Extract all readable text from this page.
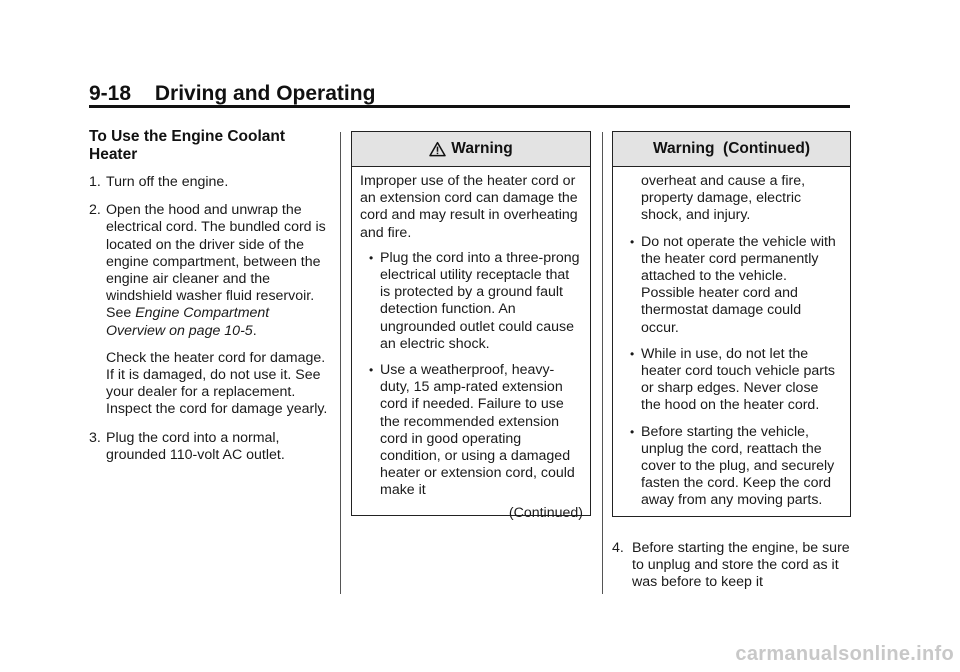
9-18 Driving and Operating
To Use the Engine Coolant Heater
1. Turn off the engine.
2. Open the hood and unwrap the electrical cord. The bundled cord is located on the driver side of the engine compartment, between the engine air cleaner and the windshield washer fluid reservoir. See Engine Compartment Overview on page 10-5.

Check the heater cord for damage. If it is damaged, do not use it. See your dealer for a replacement. Inspect the cord for damage yearly.

3. Plug the cord into a normal, grounded 110-volt AC outlet.
Warning

Improper use of the heater cord or an extension cord can damage the cord and may result in overheating and fire.

• Plug the cord into a three-prong electrical utility receptacle that is protected by a ground fault detection function. An ungrounded outlet could cause an electric shock.
• Use a weatherproof, heavy-duty, 15 amp-rated extension cord if needed. Failure to use the recommended extension cord in good operating condition, or using a damaged heater or extension cord, could make it
(Continued)
Warning  (Continued)
overheat and cause a fire, property damage, electric shock, and injury.
• Do not operate the vehicle with the heater cord permanently attached to the vehicle. Possible heater cord and thermostat damage could occur.
• While in use, do not let the heater cord touch vehicle parts or sharp edges. Never close the hood on the heater cord.
• Before starting the vehicle, unplug the cord, reattach the cover to the plug, and securely fasten the cord. Keep the cord away from any moving parts.
4. Before starting the engine, be sure to unplug and store the cord as it was before to keep it
carmanualsonline.info
